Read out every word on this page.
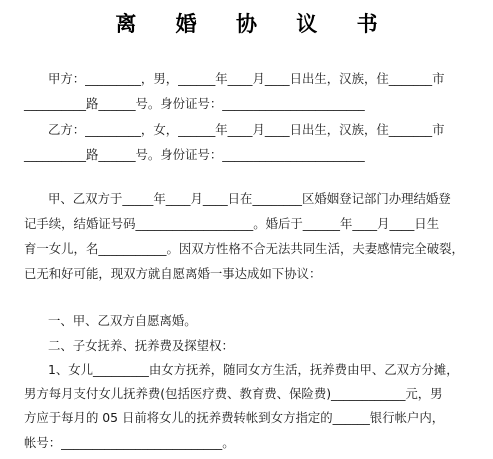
离 婚 协 议 书
甲方：_________，男，______年____月____日出生，汉族，住_______市
__________路______号。身份证号：_______________________
乙方：_________，女，______年____月____日出生，汉族，住_______市
__________路______号。身份证号：_______________________
甲、乙双方于_____年____月____日在________区婚姻登记部门办理结婚登
记手续，结婚证号码___________________。婚后于______年____月____日生
育一女儿，名___________。因双方性格不合无法共同生活，夫妻感情完全破裂，
已无和好可能，现双方就自愿离婚一事达成如下协议：
一、甲、乙双方自愿离婚。
二、子女抚养、抚养费及探望权：
1、女儿_________由女方抚养，随同女方生活，抚养费由甲、乙双方分摊，
男方每月支付女儿抚养费(包括医疗费、教育费、保险费)____________元，男
方应于每月的 05 日前将女儿的抚养费转帐到女方指定的______银行帐户内，
帐号：__________________________。
